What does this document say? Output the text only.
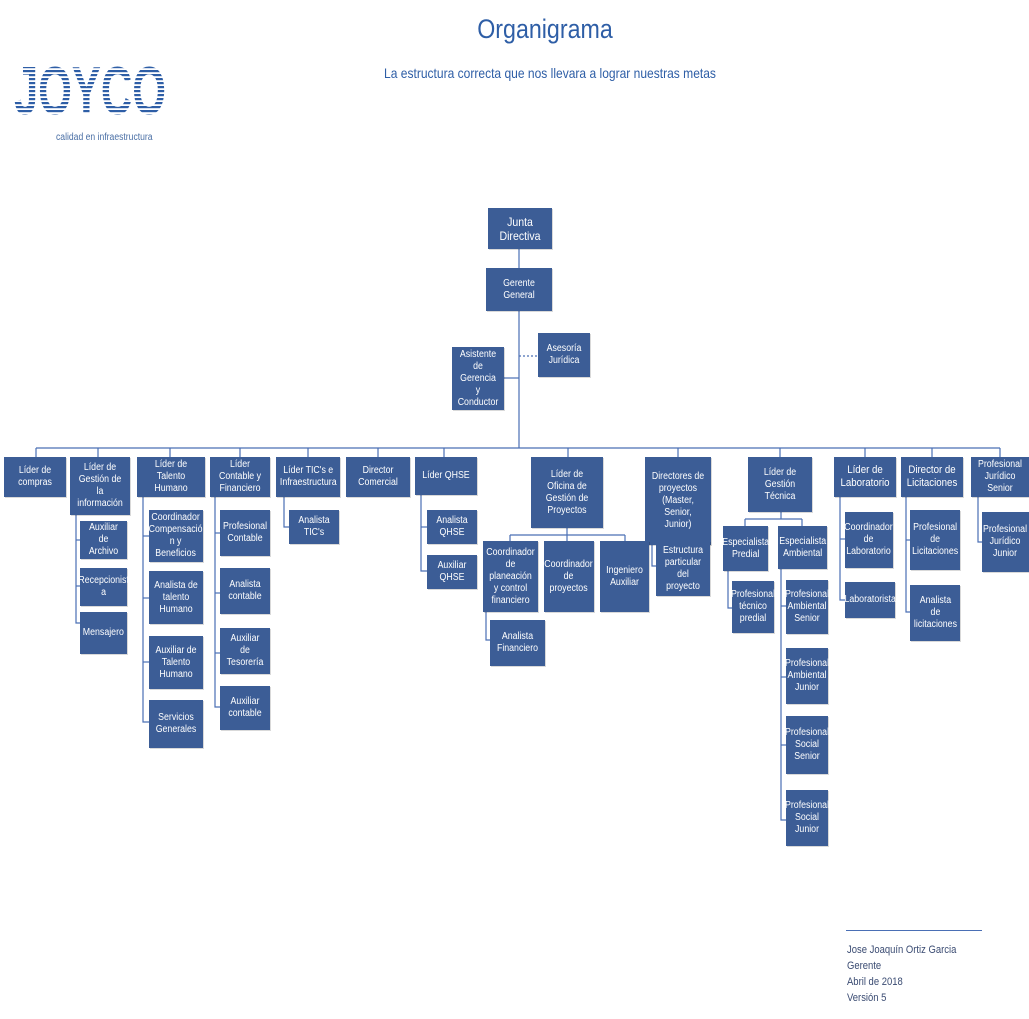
Organigrama
La estructura correcta que nos llevara a lograr nuestras metas
JOYCO
calidad en infraestructura
Junta Directiva
Gerente General
Asesoría Jurídica
Asistente de Gerencia y Conductor
Líder de compras
Líder de Gestión de la información
Líder de Talento Humano
Líder Contable y Financiero
Líder TIC's e Infraestructura
Director Comercial
Líder QHSE	Líder de Oficina de Gestión de Proyectos
Directores de proyectos (Master, Senior, Junior)
Líder de Gestión Técnica
Líder de Laboratorio
Director de Licitaciones
Profesional Jurídico Senior
Auxiliar de Archivo
Recepcionist a
Mensajero
Coordinador Compensació n y Beneficios
Analista de talento Humano
Auxiliar de Talento Humano
Servicios Generales
Profesional Contable
Analista contable
Auxiliar de Tesorería
Auxiliar contable
Analista TIC's
Analista QHSE
Auxiliar QHSE
Coordinador de planeación y control financiero
Coordinador de proyectos
Ingeniero Auxiliar
Analista Financiero
Estructura particular del proyecto
Especialista Predial
Profesional técnico predial
Especialista Ambiental
Profesional Ambiental Senior
Profesional Ambiental Junior
Profesional Social Senior
Profesional Social Junior
Coordinador de Laboratorio
Laboratorista
Profesional de Licitaciones
Analista de licitaciones
Profesional Jurídico Junior
Jose Joaquín Ortiz Garcia
Gerente
Abril de 2018
Versión 5
